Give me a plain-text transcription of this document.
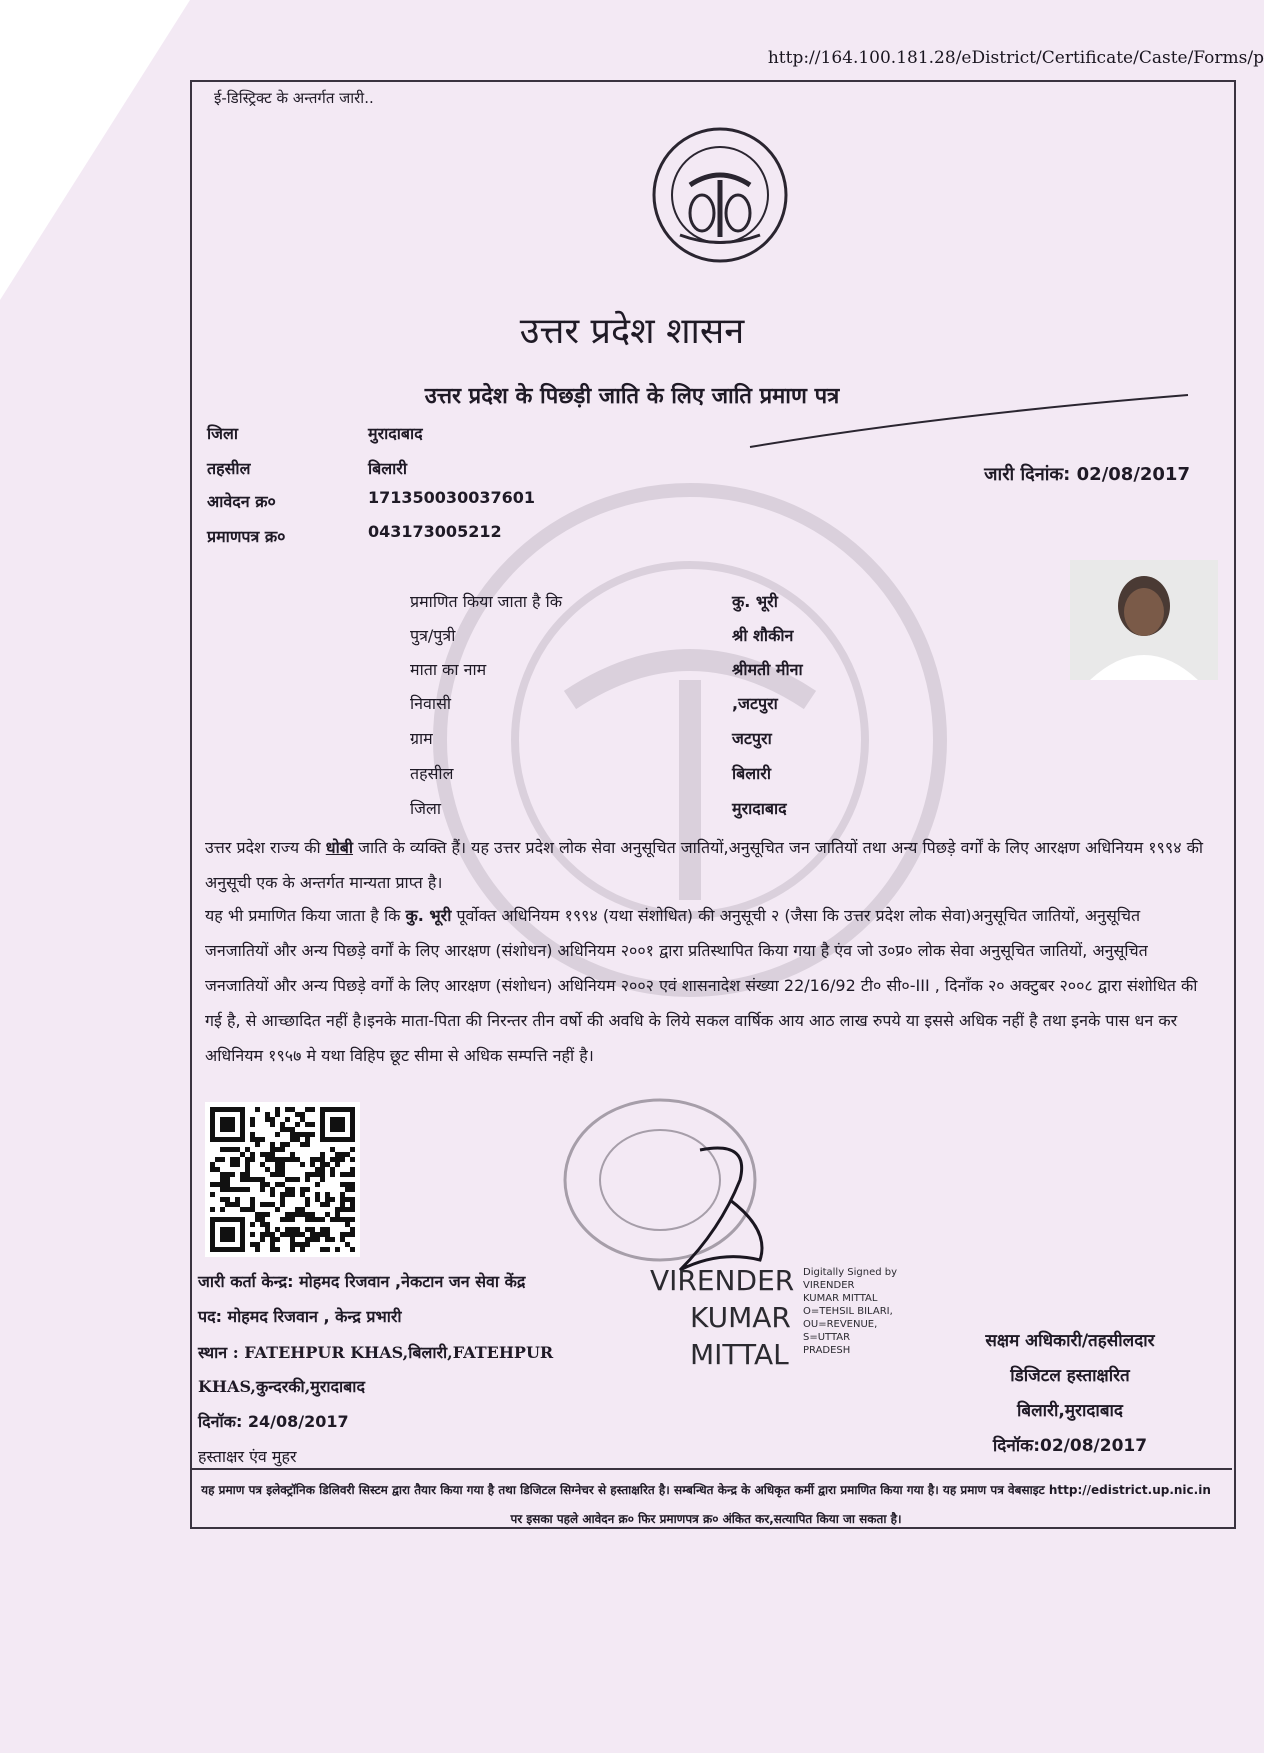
http://164.100.181.28/eDistrict/Certificate/Caste/Forms/p
ई-डिस्ट्रिक्ट के अन्तर्गत जारी..
उत्तर प्रदेश शासन
उत्तर प्रदेश के पिछड़ी जाति के लिए जाति प्रमाण पत्र
जिला	मुरादाबाद
तहसील	बिलारी
आवेदन क्र०	171350030037601
प्रमाणपत्र क्र०	043173005212
जारी दिनांक: 02/08/2017
प्रमाणित किया जाता है कि	कु. भूरी
पुत्र/पुत्री	श्री शौकीन
माता का नाम	श्रीमती मीना
निवासी	,जटपुरा
ग्राम	जटपुरा
तहसील	बिलारी
जिला	मुरादाबाद
उत्तर प्रदेश राज्य की धोबी जाति के व्यक्ति हैं। यह उत्तर प्रदेश लोक सेवा अनुसूचित जातियों,अनुसूचित जन जातियों तथा अन्य पिछड़े वर्गों के लिए आरक्षण अधिनियम १९९४ की अनुसूची एक के अन्तर्गत मान्यता प्राप्त है।
यह भी प्रमाणित किया जाता है कि कु. भूरी पूर्वोक्त अधिनियम १९९४ (यथा संशोधित) की अनुसूची २ (जैसा कि उत्तर प्रदेश लोक सेवा)अनुसूचित जातियों, अनुसूचित जनजातियों और अन्य पिछड़े वर्गों के लिए आरक्षण (संशोधन) अधिनियम २००१ द्वारा प्रतिस्थापित किया गया है एंव जो उ०प्र० लोक सेवा अनुसूचित जातियों, अनुसूचित जनजातियों और अन्य पिछड़े वर्गों के लिए आरक्षण (संशोधन) अधिनियम २००२ एवं शासनादेश संख्या 22/16/92 टी० सी०-III , दिनाँक २० अक्टुबर २००८ द्वारा संशोधित की गई है, से आच्छादित नहीं है।इनके माता-पिता की निरन्तर तीन वर्षो की अवधि के लिये सकल वार्षिक आय आठ लाख रुपये या इससे अधिक नहीं है तथा इनके पास धन कर अधिनियम १९५७ मे यथा विहिप छूट सीमा से अधिक सम्पत्ति नहीं है।
जारी कर्ता केन्द्र: मोहमद रिजवान ,नेकटान जन सेवा केंद्र
पद: मोहमद रिजवान , केन्द्र प्रभारी
स्थान : FATEHPUR KHAS,बिलारी,FATEHPUR
KHAS,कुन्दरकी,मुरादाबाद
दिनॉक: 24/08/2017
हस्ताक्षर एंव मुहर
VIRENDER
KUMAR
MITTAL
Digitally Signed by
VIRENDER
KUMAR MITTAL
O=TEHSIL BILARI,
OU=REVENUE,
S=UTTAR
PRADESH	सक्षम अधिकारी/तहसीलदार
डिजिटल हस्ताक्षरित
बिलारी,मुरादाबाद
दिनॉक:02/08/2017
यह प्रमाण पत्र इलेक्ट्रॉनिक डिलिवरी सिस्टम द्वारा तैयार किया गया है तथा डिजिटल सिग्नेचर से हस्ताक्षरित है। सम्बन्धित केन्द्र के अधिकृत कर्मी द्वारा प्रमाणित किया गया है। यह प्रमाण पत्र वेबसाइट http://edistrict.up.nic.in पर इसका पहले आवेदन क्र० फिर प्रमाणपत्र क्र० अंकित कर,सत्यापित किया जा सकता है।
